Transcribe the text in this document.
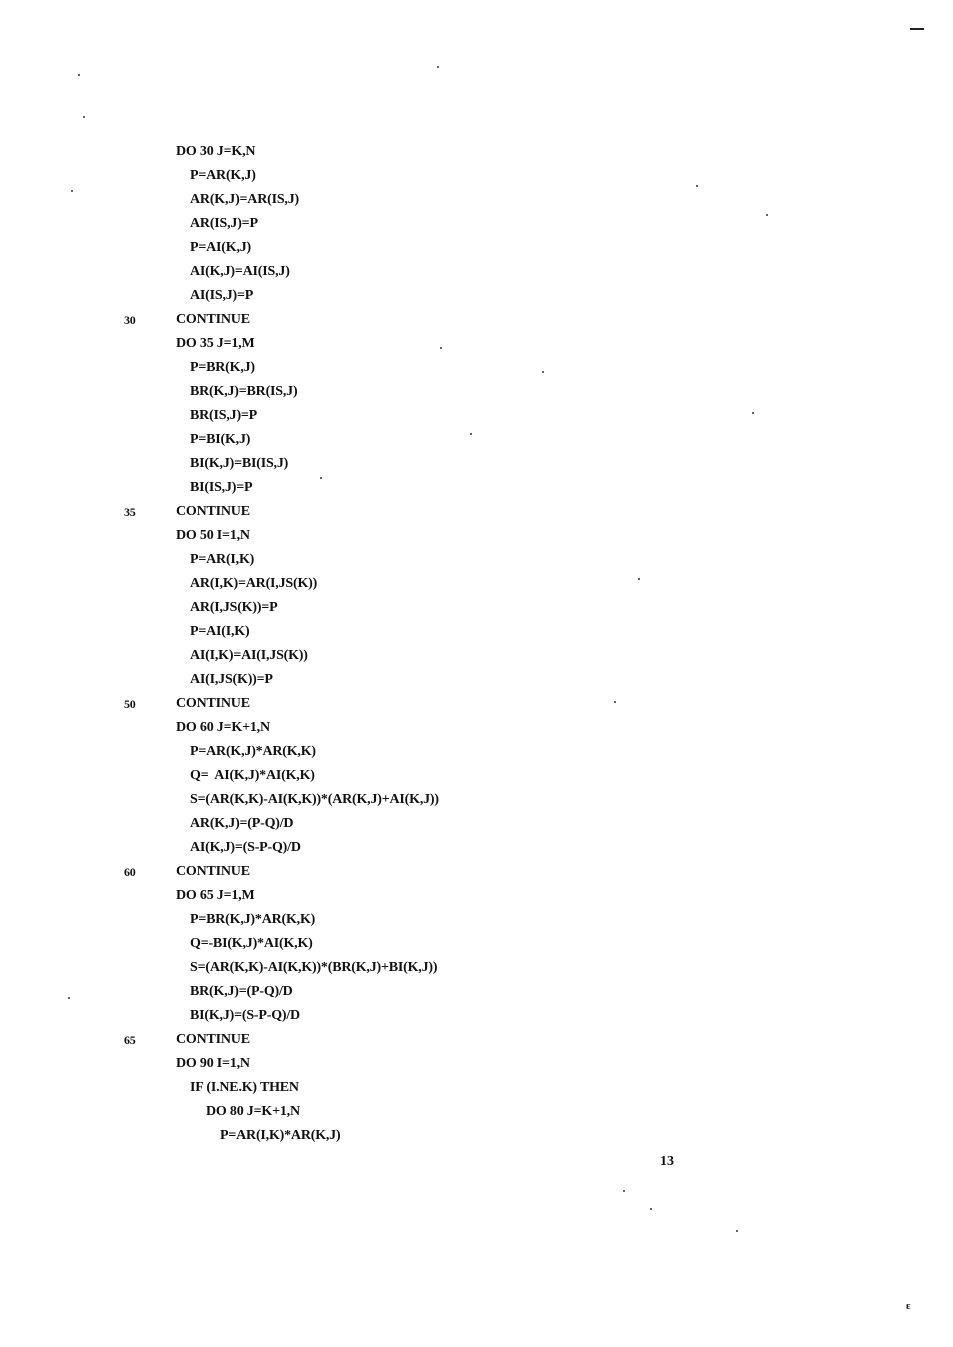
DO 30 J=K,N
P=AR(K,J)
AR(K,J)=AR(IS,J)
AR(IS,J)=P
P=AI(K,J)
AI(K,J)=AI(IS,J)
AI(IS,J)=P
30	CONTINUE
DO 35 J=1,M
P=BR(K,J)
BR(K,J)=BR(IS,J)
BR(IS,J)=P
P=BI(K,J)
BI(K,J)=BI(IS,J)
BI(IS,J)=P
35	CONTINUE
DO 50 I=1,N
P=AR(I,K)
AR(I,K)=AR(I,JS(K))
AR(I,JS(K))=P
P=AI(I,K)
AI(I,K)=AI(I,JS(K))
AI(I,JS(K))=P
50	CONTINUE
DO 60 J=K+1,N
P=AR(K,J)*AR(K,K)
Q=  AI(K,J)*AI(K,K)
S=(AR(K,K)-AI(K,K))*(AR(K,J)+AI(K,J))
AR(K,J)=(P-Q)/D
AI(K,J)=(S-P-Q)/D
60	CONTINUE
DO 65 J=1,M
P=BR(K,J)*AR(K,K)
Q=-BI(K,J)*AI(K,K)
S=(AR(K,K)-AI(K,K))*(BR(K,J)+BI(K,J))
BR(K,J)=(P-Q)/D
BI(K,J)=(S-P-Q)/D
65	CONTINUE
DO 90 I=1,N
IF (I.NE.K) THEN
DO 80 J=K+1,N
P=AR(I,K)*AR(K,J)
13
ᵋ
